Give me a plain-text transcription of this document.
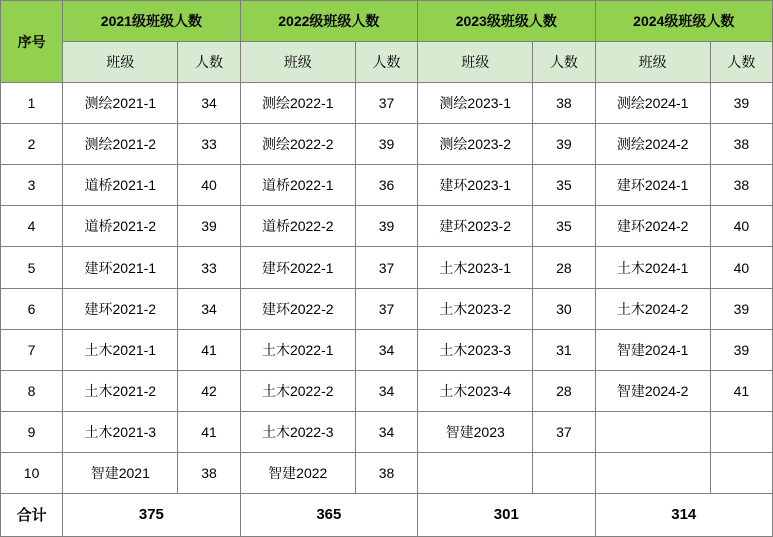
序号	2021级班级人数		2022级班级人数		2023级班级人数		2024级班级人数	
	班级	人数	班级	人数	班级	人数	班级	人数
1	测绘2021-1	34	测绘2022-1	37	测绘2023-1	38	测绘2024-1	39
2	测绘2021-2	33	测绘2022-2	39	测绘2023-2	39	测绘2024-2	38
3	道桥2021-1	40	道桥2022-1	36	建环2023-1	35	建环2024-1	38
4	道桥2021-2	39	道桥2022-2	39	建环2023-2	35	建环2024-2	40
5	建环2021-1	33	建环2022-1	37	土木2023-1	28	土木2024-1	40
6	建环2021-2	34	建环2022-2	37	土木2023-2	30	土木2024-2	39
7	土木2021-1	41	土木2022-1	34	土木2023-3	31	智建2024-1	39
8	土木2021-2	42	土木2022-2	34	土木2023-4	28	智建2024-2	41
9	土木2021-3	41	土木2022-3	34	智建2023	37		
10	智建2021	38	智建2022	38				
合计	375		365		301		314	
